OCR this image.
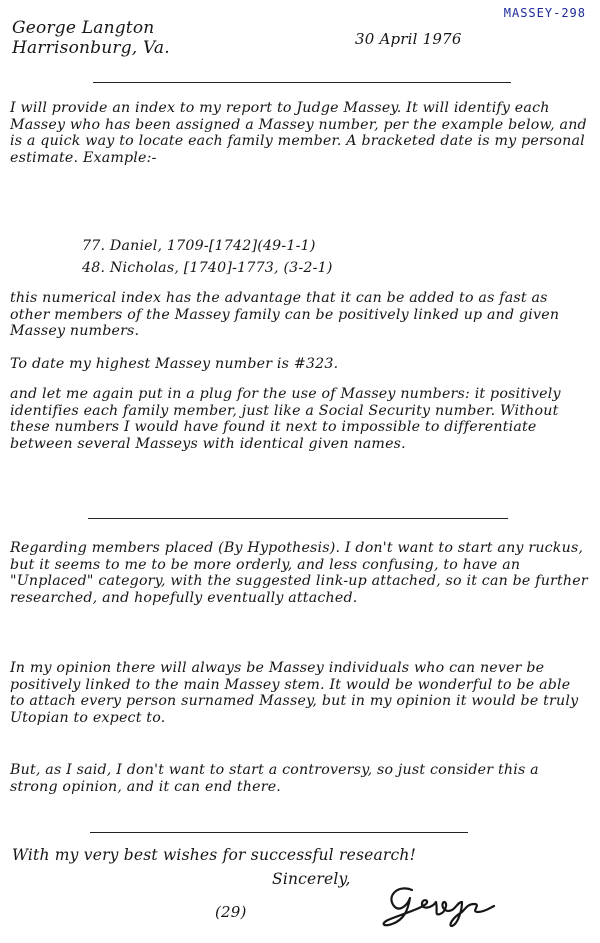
MASSEY-298
George Langton
Harrisonburg, Va.	30 April 1976

I will provide an index to my report to Judge Massey. It will identify each Massey who has been assigned a Massey number, per the example below, and is a quick way to locate each family member. A bracketed date is my personal estimate. Example:-

77. Daniel, 1709-[1742](49-1-1)
48. Nicholas, [1740]-1773, (3-2-1)

this numerical index has the advantage that it can be added to as fast as other members of the Massey family can be positively linked up and given Massey numbers.

To date my highest Massey number is #323.

and let me again put in a plug for the use of Massey numbers: it positively identifies each family member, just like a Social Security number. Without these numbers I would have found it next to impossible to differentiate between several Masseys with identical given names.

Regarding members placed (By Hypothesis). I don't want to start any ruckus, but it seems to me to be more orderly, and less confusing, to have an "Unplaced" category, with the suggested link-up attached, so it can be further researched, and hopefully eventually attached.

In my opinion there will always be Massey individuals who can never be positively linked to the main Massey stem. It would be wonderful to be able to attach every person surnamed Massey, but in my opinion it would be truly Utopian to expect to.

But, as I said, I don't want to start a controversy, so just consider this a strong opinion, and it can end there.

With my very best wishes for successful research!
Sincerely,
(29)
